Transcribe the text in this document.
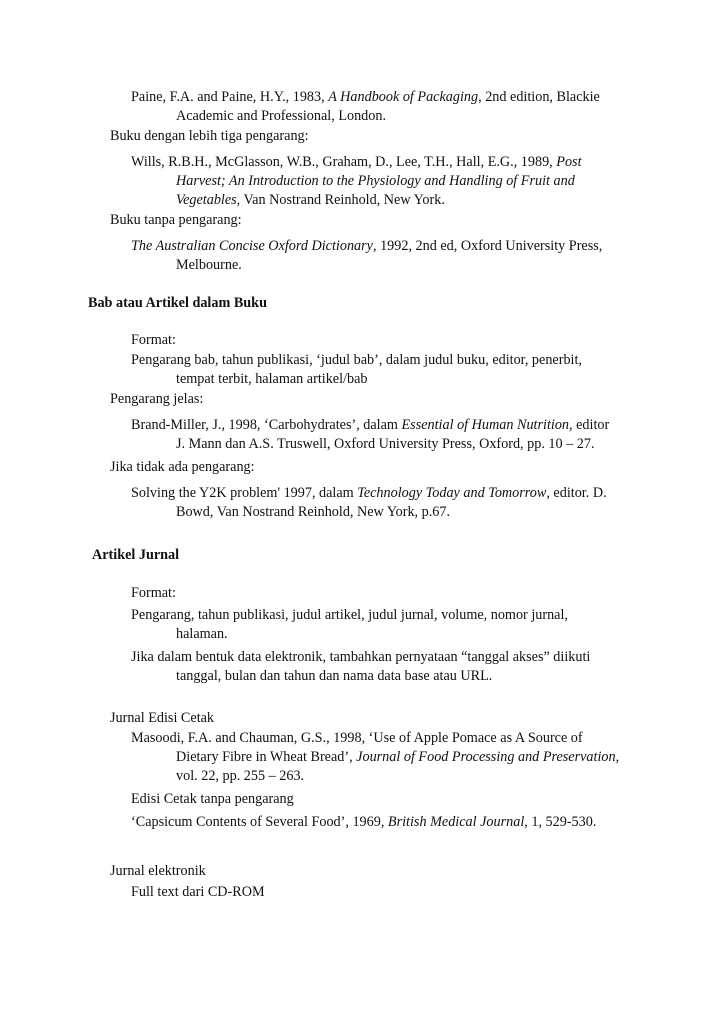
Paine, F.A. and Paine, H.Y., 1983, A Handbook of Packaging, 2nd edition, Blackie
Academic and Professional, London.
Buku dengan lebih tiga pengarang:
Wills, R.B.H., McGlasson, W.B., Graham, D., Lee, T.H., Hall, E.G., 1989, Post
Harvest; An Introduction to the Physiology and Handling of Fruit and
Vegetables, Van Nostrand Reinhold, New York.
Buku tanpa pengarang:
The Australian Concise Oxford Dictionary, 1992, 2nd ed, Oxford University Press,
Melbourne.
Bab atau Artikel dalam Buku
Format:
Pengarang bab, tahun publikasi, ‘judul bab’, dalam judul buku, editor, penerbit,
tempat terbit, halaman artikel/bab
Pengarang jelas:
Brand-Miller, J., 1998, ‘Carbohydrates’, dalam Essential of Human Nutrition, editor
J. Mann dan A.S. Truswell, Oxford University Press, Oxford, pp. 10 – 27.
Jika tidak ada pengarang:
Solving the Y2K problem' 1997, dalam Technology Today and Tomorrow, editor. D.
Bowd, Van Nostrand Reinhold, New York, p.67.
Artikel Jurnal
Format:
Pengarang, tahun publikasi, judul artikel, judul jurnal, volume, nomor jurnal,
halaman.
Jika dalam bentuk data elektronik, tambahkan pernyataan “tanggal akses” diikuti
tanggal, bulan dan tahun dan nama data base atau URL.
Jurnal Edisi Cetak
Masoodi, F.A. and Chauman, G.S., 1998, ‘Use of Apple Pomace as A Source of
Dietary Fibre in Wheat Bread’, Journal of Food Processing and Preservation,
vol. 22, pp. 255 – 263.
Edisi Cetak tanpa pengarang
‘Capsicum Contents of Several Food’, 1969, British Medical Journal, 1, 529-530.
Jurnal elektronik
Full text dari CD-ROM
